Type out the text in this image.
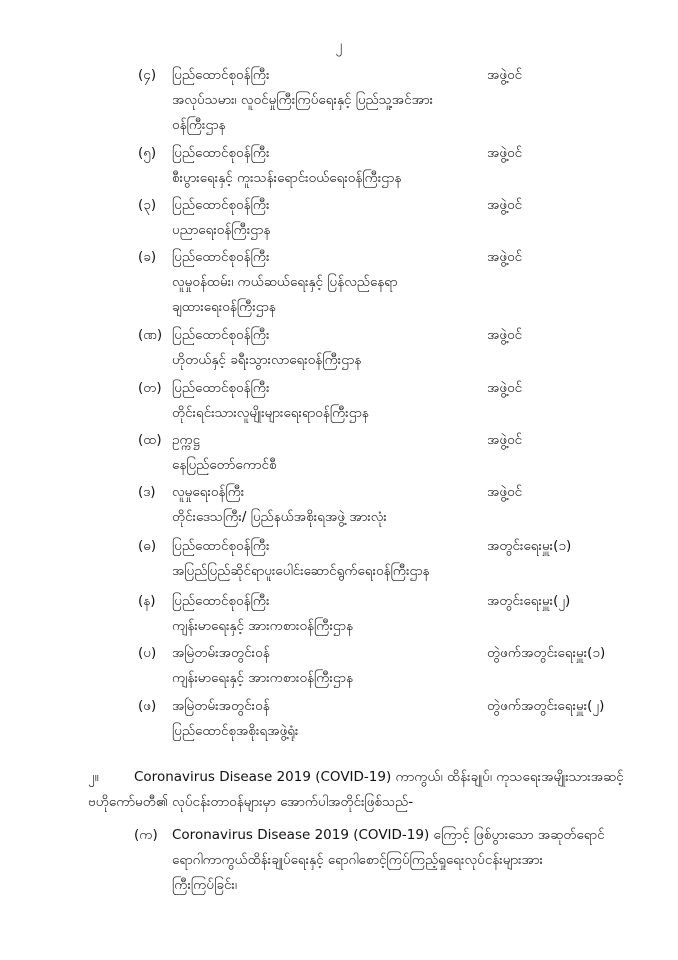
၂
(၄) ပြည်ထောင်စုဝန်ကြီး	အဖွဲ့ဝင်
အလုပ်သမား၊ လူဝင်မှုကြီးကြပ်ရေးနှင့် ပြည်သူ့အင်အား
ဝန်ကြီးဌာန
(၅) ပြည်ထောင်စုဝန်ကြီး	အဖွဲ့ဝင်
စီးပွားရေးနှင့် ကူးသန်းရောင်းဝယ်ရေးဝန်ကြီးဌာန
(၃) ပြည်ထောင်စုဝန်ကြီး	အဖွဲ့ဝင်
ပညာရေးဝန်ကြီးဌာန
(ခ) ပြည်ထောင်စုဝန်ကြီး	အဖွဲ့ဝင်
လူမှုဝန်ထမ်း၊ ကယ်ဆယ်ရေးနှင့် ပြန်လည်နေရာ
ချထားရေးဝန်ကြီးဌာန
(ဏ) ပြည်ထောင်စုဝန်ကြီး	အဖွဲ့ဝင်
ဟိုတယ်နှင့် ခရီးသွားလာရေးဝန်ကြီးဌာန
(တ) ပြည်ထောင်စုဝန်ကြီး	အဖွဲ့ဝင်
တိုင်းရင်းသားလူမျိုးများရေးရာဝန်ကြီးဌာန
(ထ) ဥက္ကဋ္ဌ	အဖွဲ့ဝင်
နေပြည်တော်ကောင်စီ
(ဒ) လူမှုရေးဝန်ကြီး	အဖွဲ့ဝင်
တိုင်းဒေသကြီး/ ပြည်နယ်အစိုးရအဖွဲ့ အားလုံး
(ဓ) ပြည်ထောင်စုဝန်ကြီး	အတွင်းရေးမှူး(၁)
အပြည်ပြည်ဆိုင်ရာပူးပေါင်းဆောင်ရွက်ရေးဝန်ကြီးဌာန
(န) ပြည်ထောင်စုဝန်ကြီး	အတွင်းရေးမှူး(၂)
ကျန်းမာရေးနှင့် အားကစားဝန်ကြီးဌာန
(ပ) အမြဲတမ်းအတွင်းဝန်	တွဲဖက်အတွင်းရေးမှူး(၁)
ကျန်းမာရေးနှင့် အားကစားဝန်ကြီးဌာန
(ဖ) အမြဲတမ်းအတွင်းဝန်	တွဲဖက်အတွင်းရေးမှူး(၂)
ပြည်ထောင်စုအစိုးရအဖွဲ့ရုံး
၂။	Coronavirus Disease 2019 (COVID-19) ကာကွယ်၊ ထိန်းချုပ်၊ ကုသရေးအမျိုးသားအဆင့်
ဗဟိုကော်မတီ၏ လုပ်ငန်းတာဝန်များမှာ အောက်ပါအတိုင်းဖြစ်သည်-
(က) Coronavirus Disease 2019 (COVID-19) ကြောင့် ဖြစ်ပွားသော အဆုတ်ရောင်
ရောဂါကာကွယ်ထိန်းချုပ်ရေးနှင့် ရောဂါစောင့်ကြပ်ကြည့်ရှုရေးလုပ်ငန်းများအား
ကြီးကြပ်ခြင်း၊
